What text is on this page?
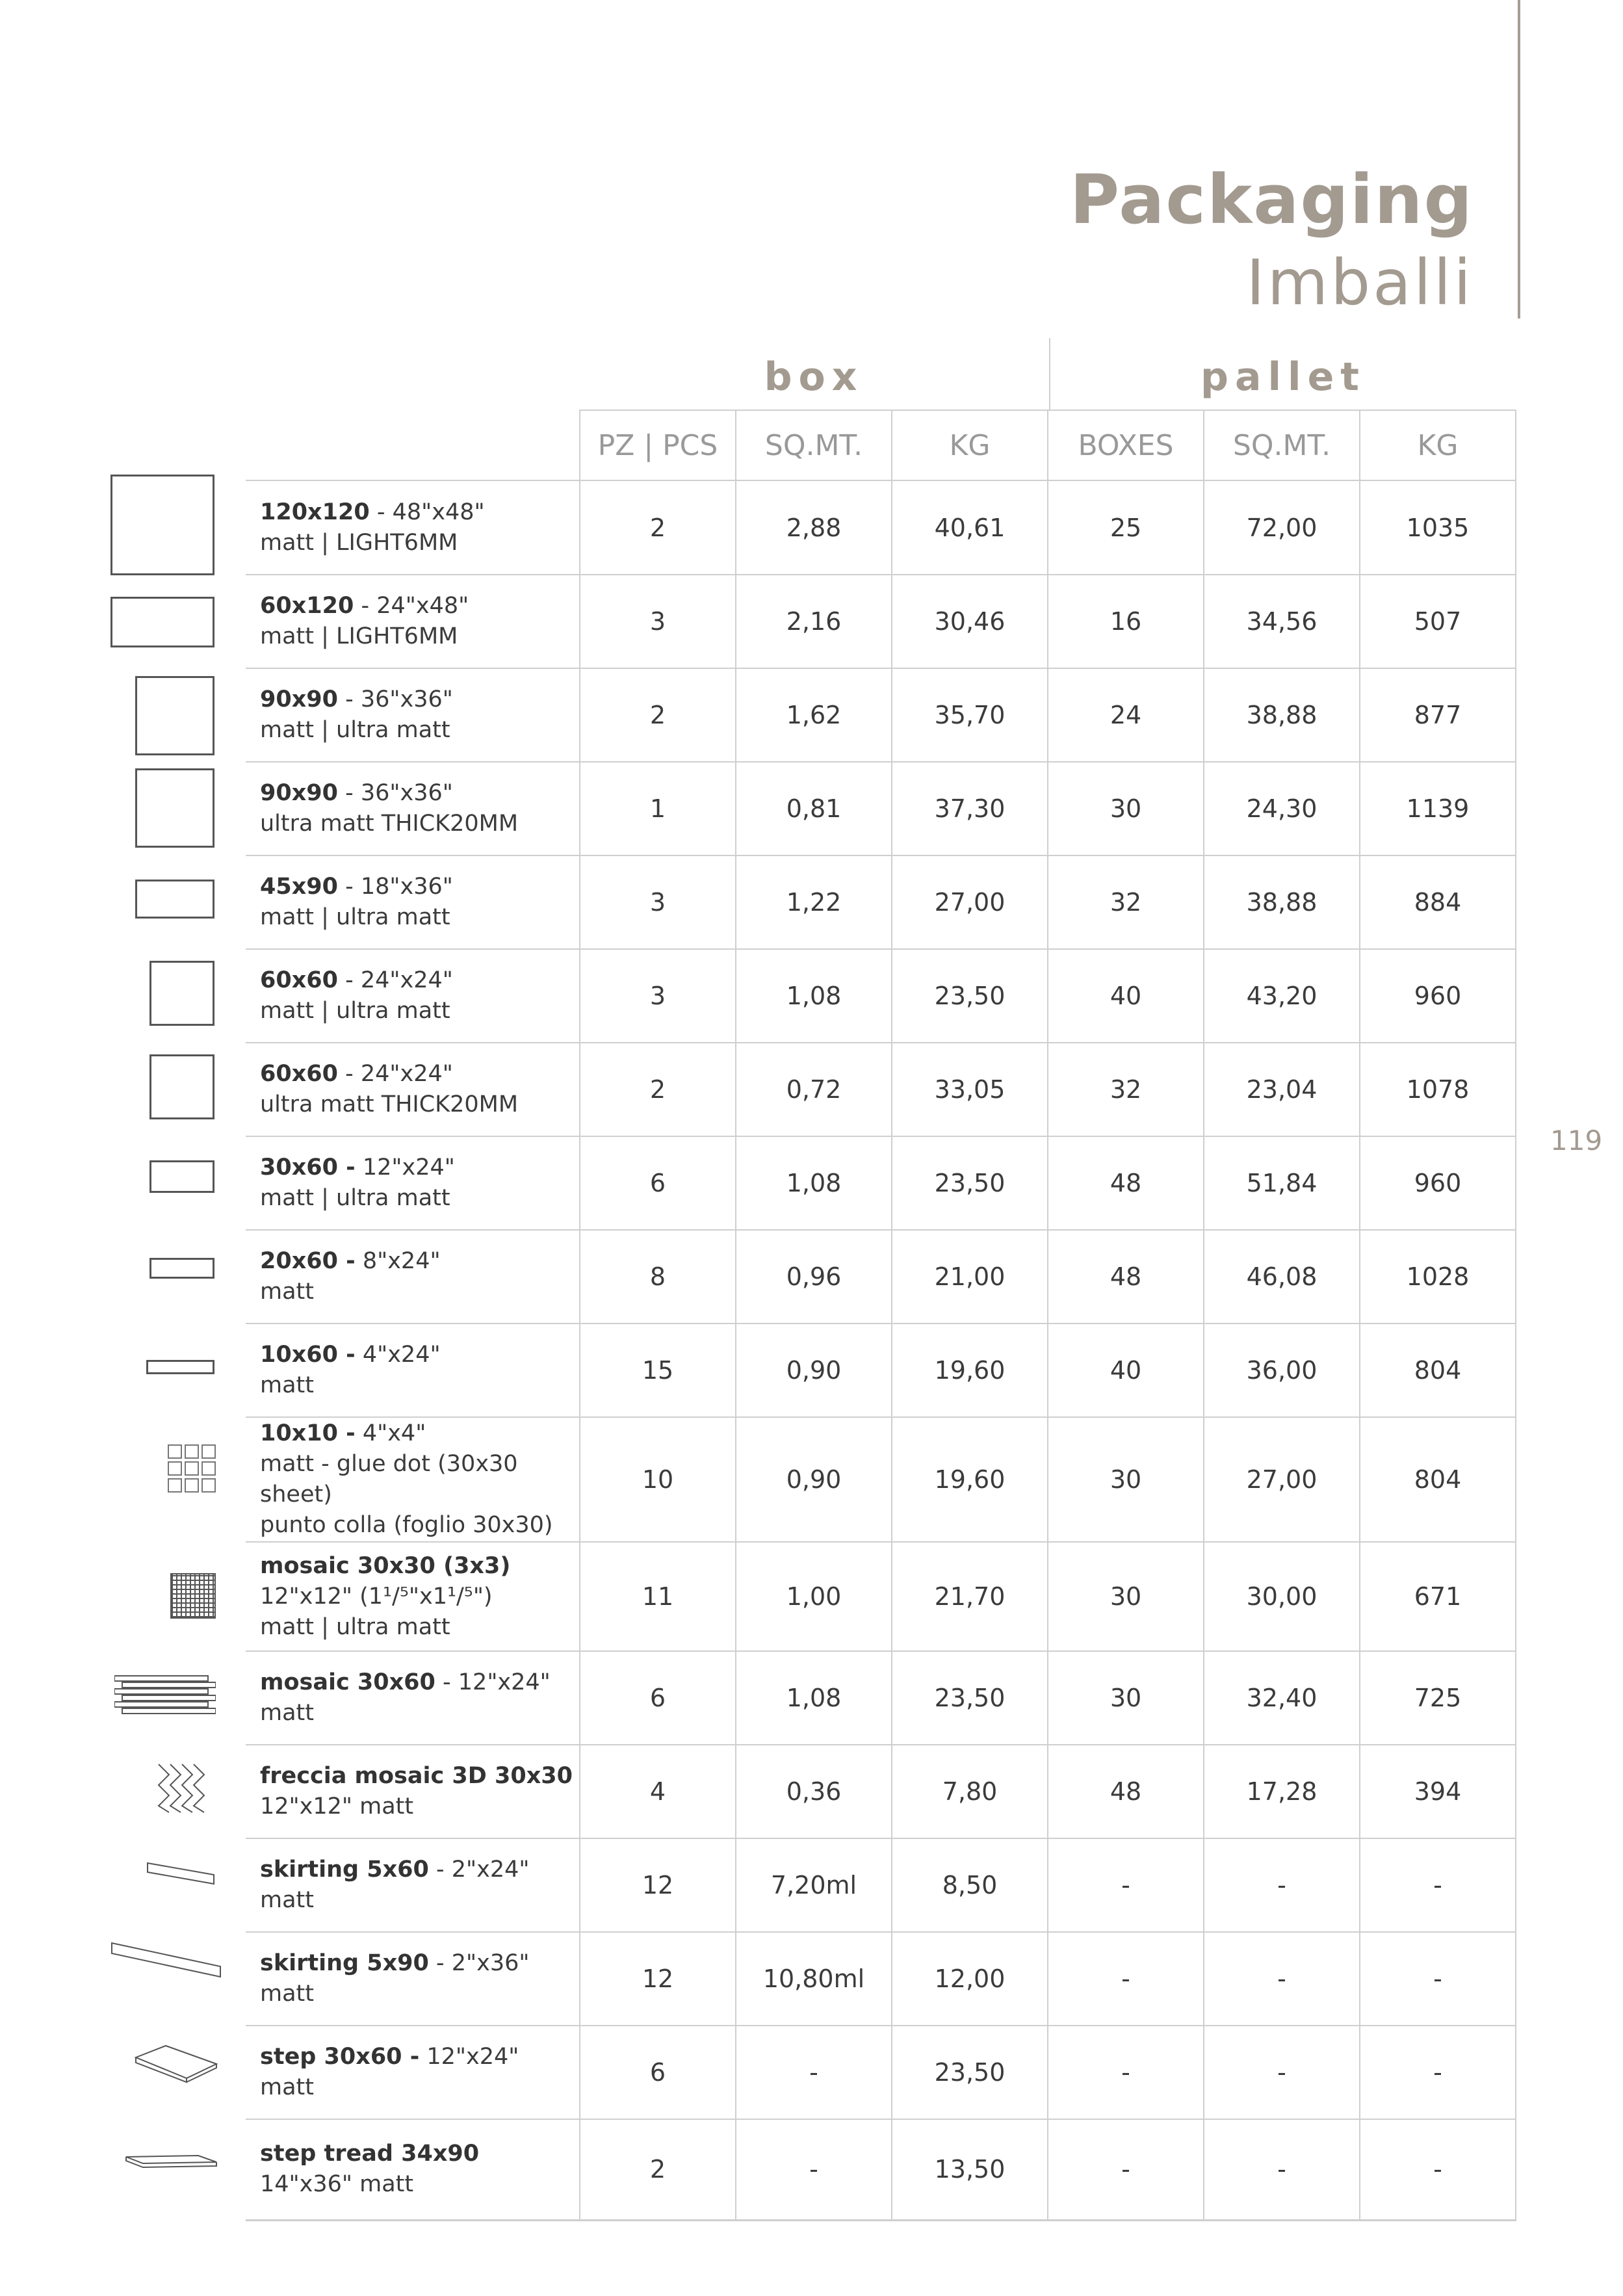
Packaging
Imballi
box	pallet
	PZ | PCS	SQ.MT.	KG	BOXES	SQ.MT.	KG
120x120 - 48"x48"
matt | LIGHT6MM	2	2,88	40,61	25	72,00	1035
60x120 - 24"x48"
matt | LIGHT6MM	3	2,16	30,46	16	34,56	507
90x90 - 36"x36"
matt | ultra matt	2	1,62	35,70	24	38,88	877
90x90 - 36"x36"
ultra matt THICK20MM	1	0,81	37,30	30	24,30	1139
45x90 - 18"x36"
matt | ultra matt	3	1,22	27,00	32	38,88	884
60x60 - 24"x24"
matt | ultra matt	3	1,08	23,50	40	43,20	960
60x60 - 24"x24"
ultra matt THICK20MM	2	0,72	33,05	32	23,04	1078
30x60 - 12"x24"
matt | ultra matt	6	1,08	23,50	48	51,84	960
20x60 - 8"x24"
matt	8	0,96	21,00	48	46,08	1028
10x60 - 4"x24"
matt	15	0,90	19,60	40	36,00	804
10x10 - 4"x4"
matt - glue dot (30x30 sheet)
punto colla (foglio 30x30)	10	0,90	19,60	30	27,00	804
mosaic 30x30 (3x3)
12"x12" (1¹/⁵"x1¹/⁵")
matt | ultra matt	11	1,00	21,70	30	30,00	671
mosaic 30x60 - 12"x24"
matt	6	1,08	23,50	30	32,40	725
freccia mosaic 3D 30x30
12"x12" matt	4	0,36	7,80	48	17,28	394
skirting 5x60 - 2"x24"
matt	12	7,20ml	8,50	-	-	-
skirting 5x90 - 2"x36"
matt	12	10,80ml	12,00	-	-	-
step 30x60 - 12"x24"
matt	6	-	23,50	-	-	-
step tread 34x90
14"x36" matt	2	-	13,50	-	-	-
119
